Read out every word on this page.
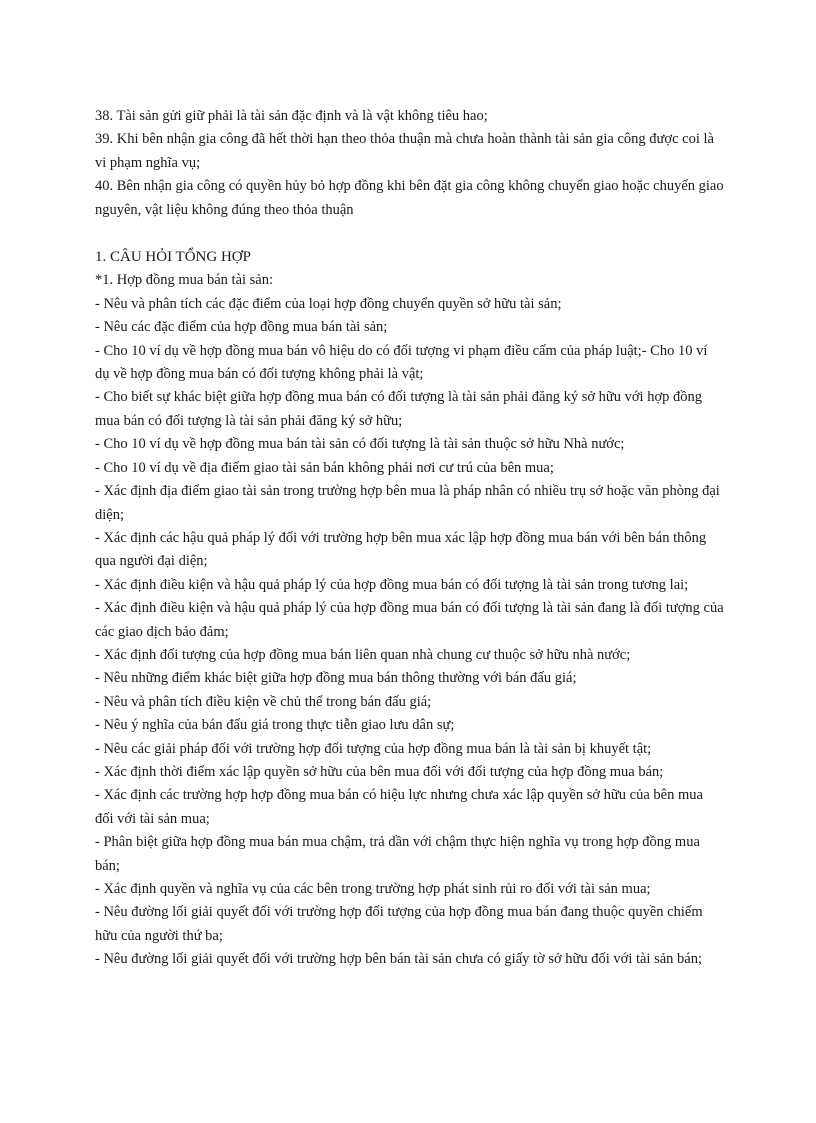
38. Tài sản gửi giữ phải là tài sản đặc định và là vật không tiêu hao;

39. Khi bên nhận gia công đã hết thời hạn theo thỏa thuận mà chưa hoàn thành tài sản gia công được coi là vi phạm nghĩa vụ;

40. Bên nhận gia công có quyền hủy bỏ hợp đồng khi bên đặt gia công không chuyển giao hoặc chuyển giao nguyên, vật liệu không đúng theo thỏa thuận

1. CÂU HỎI TỔNG HỢP

*1. Hợp đồng mua bán tài sản:

- Nêu và phân tích các đặc điểm của loại hợp đồng chuyển quyền sở hữu tài sản;

- Nêu các đặc điểm của hợp đồng mua bán tài sản;

- Cho 10 ví dụ về hợp đồng mua bán vô hiệu do có đối tượng vi phạm điều cấm của pháp luật;- Cho 10 ví dụ về hợp đồng mua bán có đối tượng không phải là vật;

- Cho biết sự khác biệt giữa hợp đồng mua bán có đối tượng là tài sản phải đăng ký sở hữu với hợp đồng mua bán có đối tượng là tài sản phải đăng ký sở hữu;

- Cho 10 ví dụ về hợp đồng mua bán tài sản có đối tượng là tài sản thuộc sở hữu Nhà nước;

- Cho 10 ví dụ về địa điểm giao tài sản bán không phải nơi cư trú của bên mua;

- Xác định địa điểm giao tài sản trong trường hợp bên mua là pháp nhân có nhiều trụ sở hoặc văn phòng đại diện;

- Xác định các hậu quả pháp lý đối với trường hợp bên mua xác lập hợp đồng mua bán với bên bán thông qua người đại diện;

- Xác định điều kiện và hậu quả pháp lý của hợp đồng mua bán có đối tượng là tài sản trong tương lai;

- Xác định điều kiện và hậu quả pháp lý của hợp đồng mua bán có đối tượng là tài sản đang là đối tượng của các giao dịch bảo đảm;

- Xác định đối tượng của hợp đồng mua bán liên quan nhà chung cư thuộc sở hữu nhà nước;

- Nêu những điểm khác biệt giữa hợp đồng mua bán thông thường với bán đấu giá;

- Nêu và phân tích điều kiện về chủ thể trong bán đấu giá;

- Nêu ý nghĩa của bán đấu giá trong thực tiễn giao lưu dân sự;

- Nêu các giải pháp đối với trường hợp đối tượng của hợp đồng mua bán là tài sản bị khuyết tật;

- Xác định thời điểm xác lập quyền sở hữu của bên mua đối với đối tượng của hợp đồng mua bán;

- Xác định các trường hợp hợp đồng mua bán có hiệu lực nhưng chưa xác lập quyền sở hữu của bên mua đối với tài sản mua;

- Phân biệt giữa hợp đồng mua bán mua chậm, trả dần với chậm thực hiện nghĩa vụ trong hợp đồng mua bán;

- Xác định quyền và nghĩa vụ của các bên trong trường hợp phát sinh rủi ro đối với tài sản mua;

- Nêu đường lối giải quyết đối với trường hợp đối tượng của hợp đồng mua bán đang thuộc quyền chiếm hữu của người thứ ba;

- Nêu đường lối giải quyết đối với trường hợp bên bán tài sản chưa có giấy tờ sở hữu đối với tài sản bán;
